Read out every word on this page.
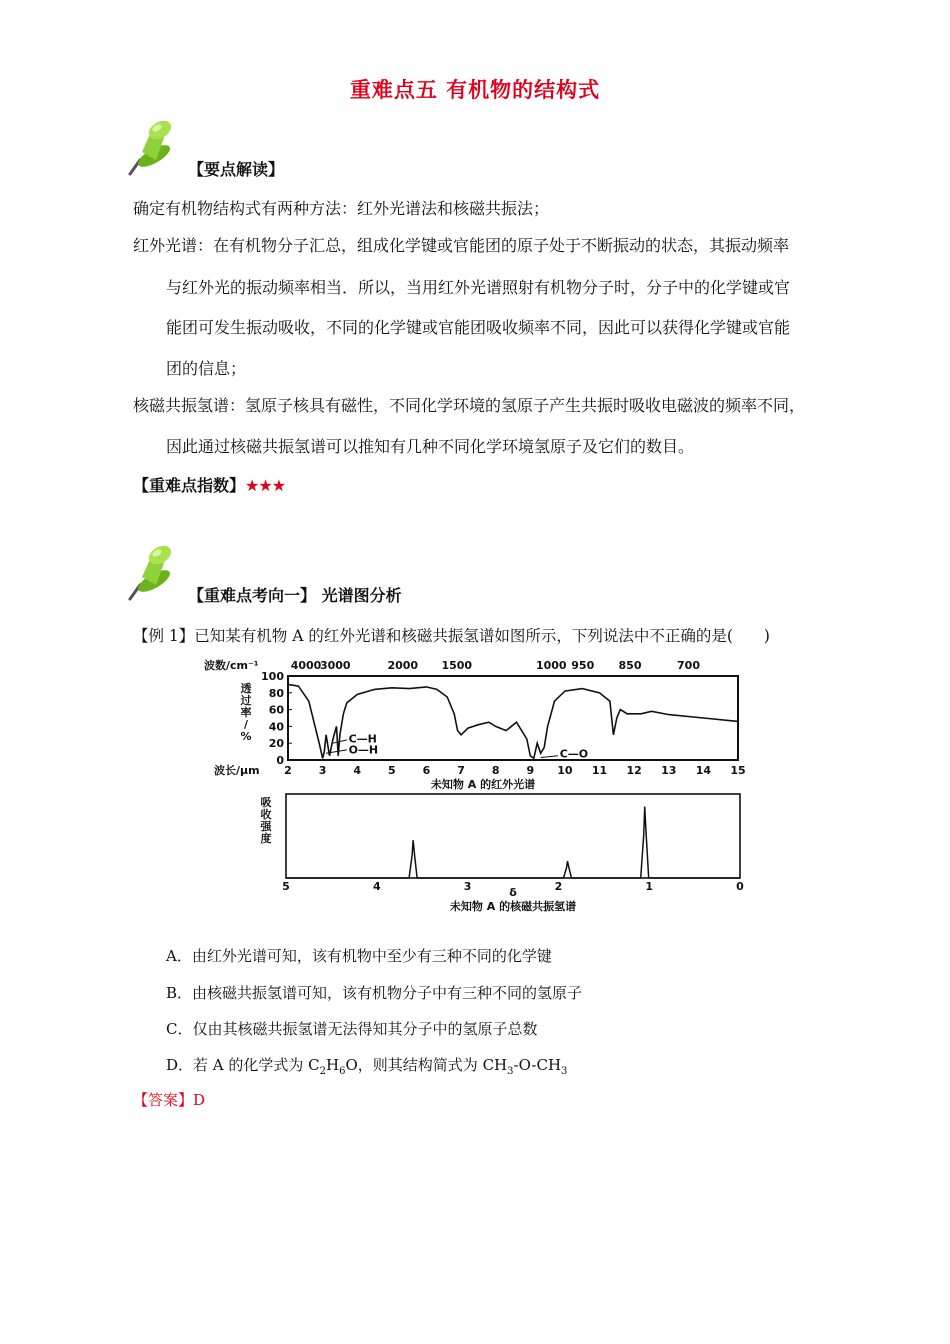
重难点五 有机物的结构式
【要点解读】
确定有机物结构式有两种方法：红外光谱法和核磁共振法；
红外光谱：在有机物分子汇总，组成化学键或官能团的原子处于不断振动的状态，其振动频率
与红外光的振动频率相当．所以，当用红外光谱照射有机物分子时，分子中的化学键或官
能团可发生振动吸收，不同的化学键或官能团吸收频率不同，因此可以获得化学键或官能
团的信息；
核磁共振氢谱：氢原子核具有磁性，不同化学环境的氢原子产生共振时吸收电磁波的频率不同，
因此通过核磁共振氢谱可以推知有几种不同化学环境氢原子及它们的数目。
【重难点指数】★★★
【重难点考向一】 光谱图分析
【例 1】已知某有机物 A 的红外光谱和核磁共振氢谱如图所示，下列说法中不正确的是(　　)
波数/cm⁻¹	4000
3000	2000 1500	1000 950 850	700
透
过
率
/
%
0
20
40
60
80
100
波长/μm 2 3 4 5 6 7 8 9 10 11 12 13 14 15
C—H
O—H	C—O
未知物 A 的红外光谱
吸
收
强
度
5	4	3	2	1	0
δ
未知物 A 的核磁共振氢谱
A．由红外光谱可知，该有机物中至少有三种不同的化学键
B．由核磁共振氢谱可知，该有机物分子中有三种不同的氢原子
C．仅由其核磁共振氢谱无法得知其分子中的氢原子总数
D．若 A 的化学式为 $C_2H_6O$，则其结构简式为 $CH_3-O-CH_3$
【答案】D
